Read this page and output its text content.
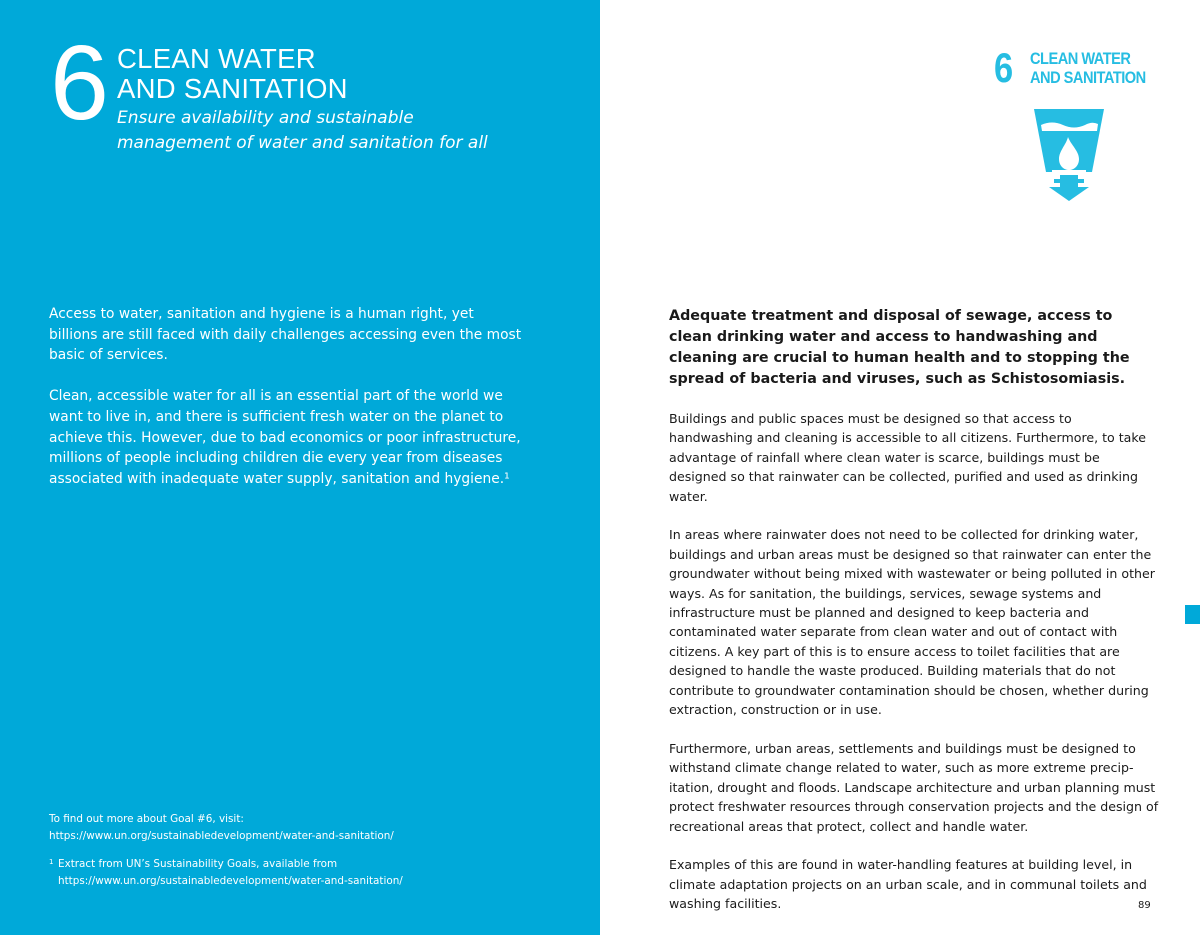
6 CLEAN WATER
AND SANITATION
Ensure availability and sustainable
management of water and sanitation for all

Access to water, sanitation and hygiene is a human right, yet billions are still faced with daily challenges accessing even the most basic of services.

Clean, accessible water for all is an essential part of the world we want to live in, and there is sufficient fresh water on the planet to achieve this. However, due to bad economics or poor infrastructure, millions of people including children die every year from diseases associated with inadequate water supply, sanitation and hygiene.¹

To find out more about Goal #6, visit:

https://www.un.org/sustainabledevelopment/water-and-sanitation/

1 Extract from UN’s Sustainability Goals, available from
https://www.un.org/sustainabledevelopment/water-and-sanitation/
6 CLEAN WATER
AND SANITATION

Adequate treatment and disposal of sewage, access to clean drinking water and access to handwashing and cleaning are crucial to human health and to stopping the spread of bacteria and viruses, such as Schistosomiasis.

Buildings and public spaces must be designed so that access to handwashing and cleaning is accessible to all citizens. Furthermore, to take advantage of rainfall where clean water is scarce, buildings must be designed so that rainwater can be collected, purified and used as drinking water.

In areas where rainwater does not need to be collected for drinking water, buildings and urban areas must be designed so that rainwater can enter the groundwater without being mixed with wastewater or being polluted in other ways. As for sanitation, the buildings, services, sewage systems and infrastructure must be planned and designed to keep bacteria and contaminated water separate from clean water and out of contact with citizens. A key part of this is to ensure access to toilet facilities that are designed to handle the waste produced. Building materials that do not contribute to groundwater contamination should be chosen, whether during extraction, construction or in use.

Furthermore, urban areas, settlements and buildings must be designed to withstand climate change related to water, such as more extreme precip-itation, drought and floods. Landscape architecture and urban planning must protect freshwater resources through conservation projects and the design of recreational areas that protect, collect and handle water.

Examples of this are found in water-handling features at building level, in climate adaptation projects on an urban scale, and in communal toilets and washing facilities.	89
